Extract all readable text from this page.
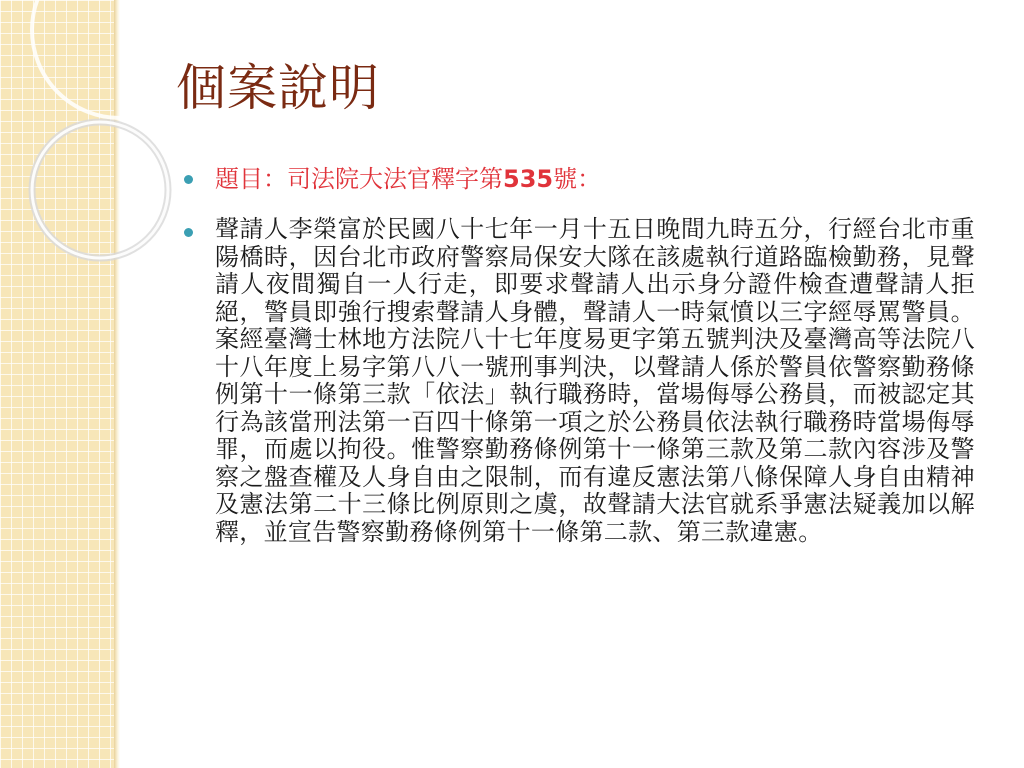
個案說明
題目：司法院大法官釋字第535號：
聲請人李榮富於民國八十七年一月十五日晚間九時五分，行經台北市重陽橋時，因台北市政府警察局保安大隊在該處執行道路臨檢勤務，見聲請人夜間獨自一人行走，即要求聲請人出示身分證件檢查遭聲請人拒絕，警員即強行搜索聲請人身體，聲請人一時氣憤以三字經辱罵警員。案經臺灣士林地方法院八十七年度易更字第五號判決及臺灣高等法院八十八年度上易字第八八一號刑事判決，以聲請人係於警員依警察勤務條例第十一條第三款「依法」執行職務時，當場侮辱公務員，而被認定其行為該當刑法第一百四十條第一項之於公務員依法執行職務時當場侮辱罪，而處以拘役。惟警察勤務條例第十一條第三款及第二款內容涉及警察之盤查權及人身自由之限制，而有違反憲法第八條保障人身自由精神及憲法第二十三條比例原則之虞，故聲請大法官就系爭憲法疑義加以解釋，並宣告警察勤務條例第十一條第二款、第三款違憲。
